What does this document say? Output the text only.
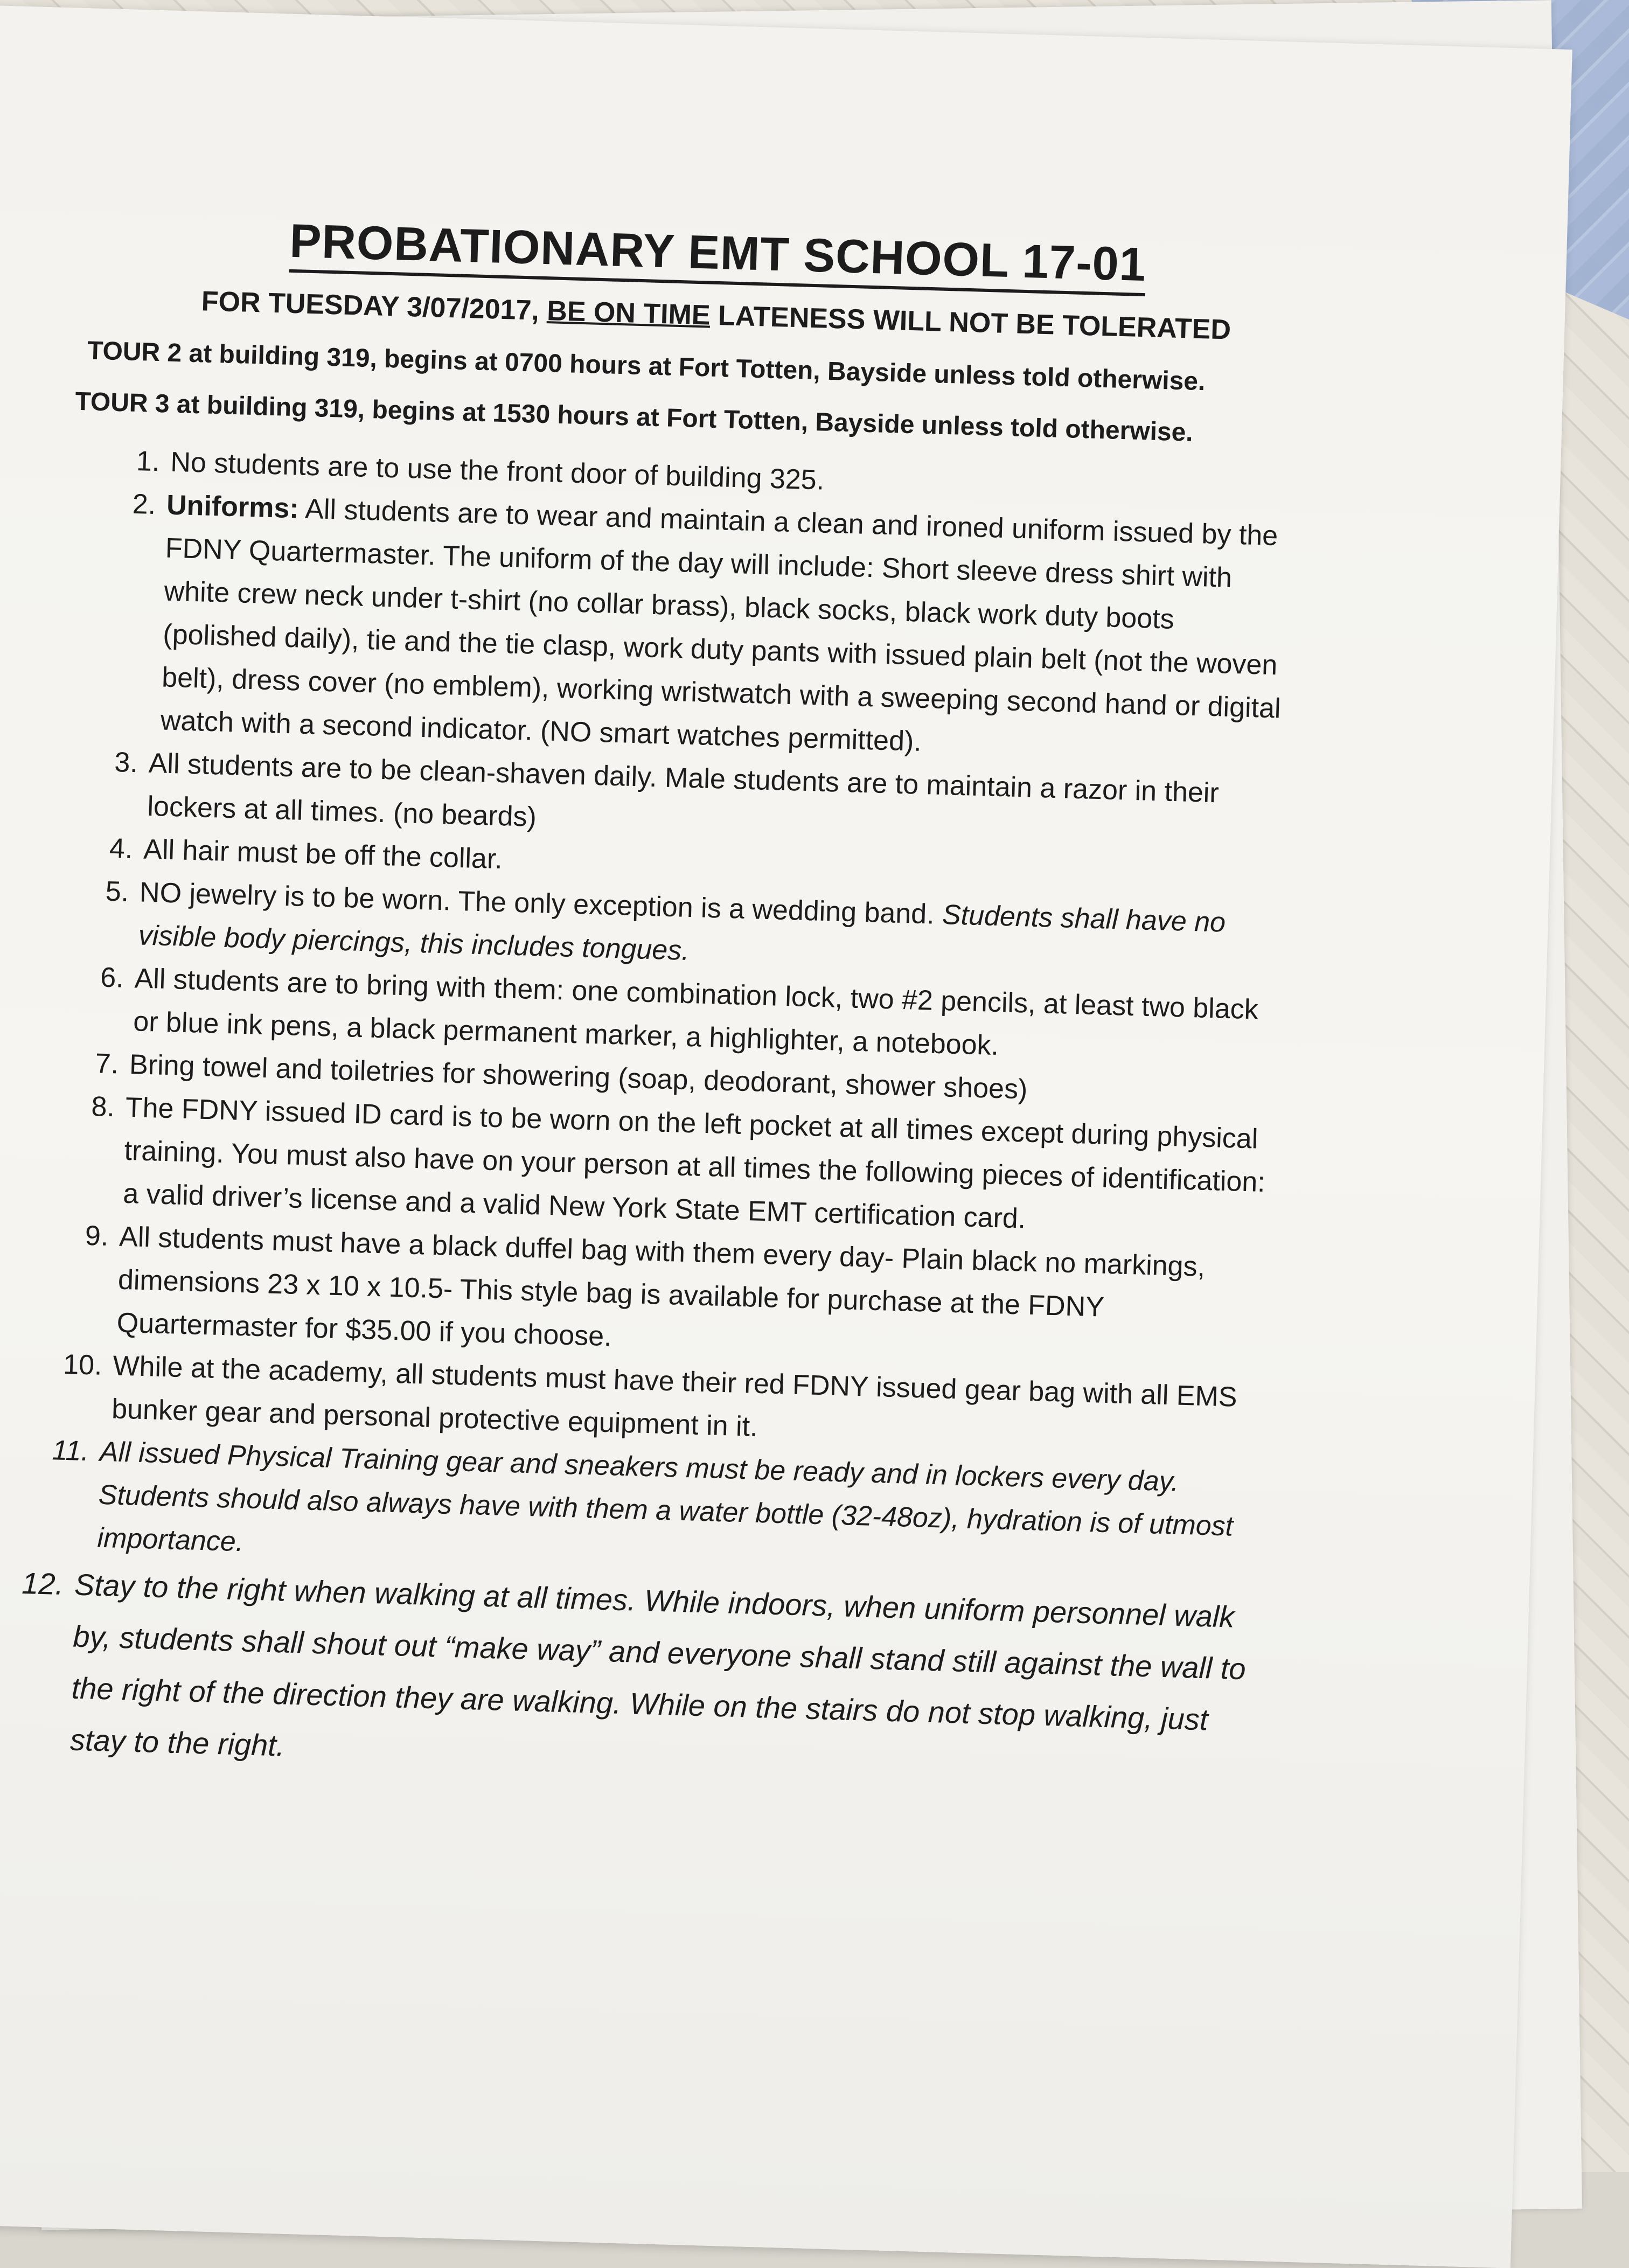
PROBATIONARY EMT SCHOOL 17-01
FOR TUESDAY 3/07/2017, BE ON TIME LATENESS WILL NOT BE TOLERATED
TOUR 2 at building 319, begins at 0700 hours at Fort Totten, Bayside unless told otherwise.
TOUR 3 at building 319, begins at 1530 hours at Fort Totten, Bayside unless told otherwise.
1. No students are to use the front door of building 325.
2. Uniforms: All students are to wear and maintain a clean and ironed uniform issued by the FDNY Quartermaster. The uniform of the day will include: Short sleeve dress shirt with white crew neck under t-shirt (no collar brass), black socks, black work duty boots (polished daily), tie and the tie clasp, work duty pants with issued plain belt (not the woven belt), dress cover (no emblem), working wristwatch with a sweeping second hand or digital watch with a second indicator. (NO smart watches permitted).
3. All students are to be clean-shaven daily. Male students are to maintain a razor in their lockers at all times. (no beards)
4. All hair must be off the collar.
5. NO jewelry is to be worn. The only exception is a wedding band. Students shall have no visible body piercings, this includes tongues.
6. All students are to bring with them: one combination lock, two #2 pencils, at least two black or blue ink pens, a black permanent marker, a highlighter, a notebook.
7. Bring towel and toiletries for showering (soap, deodorant, shower shoes)
8. The FDNY issued ID card is to be worn on the left pocket at all times except during physical training. You must also have on your person at all times the following pieces of identification: a valid driver’s license and a valid New York State EMT certification card.
9. All students must have a black duffel bag with them every day- Plain black no markings, dimensions 23 x 10 x 10.5- This style bag is available for purchase at the FDNY Quartermaster for $35.00 if you choose.
10. While at the academy, all students must have their red FDNY issued gear bag with all EMS bunker gear and personal protective equipment in it.
11. All issued Physical Training gear and sneakers must be ready and in lockers every day. Students should also always have with them a water bottle (32-48oz), hydration is of utmost importance.
12. Stay to the right when walking at all times. While indoors, when uniform personnel walk by, students shall shout out “make way” and everyone shall stand still against the wall to the right of the direction they are walking. While on the stairs do not stop walking, just stay to the right.
